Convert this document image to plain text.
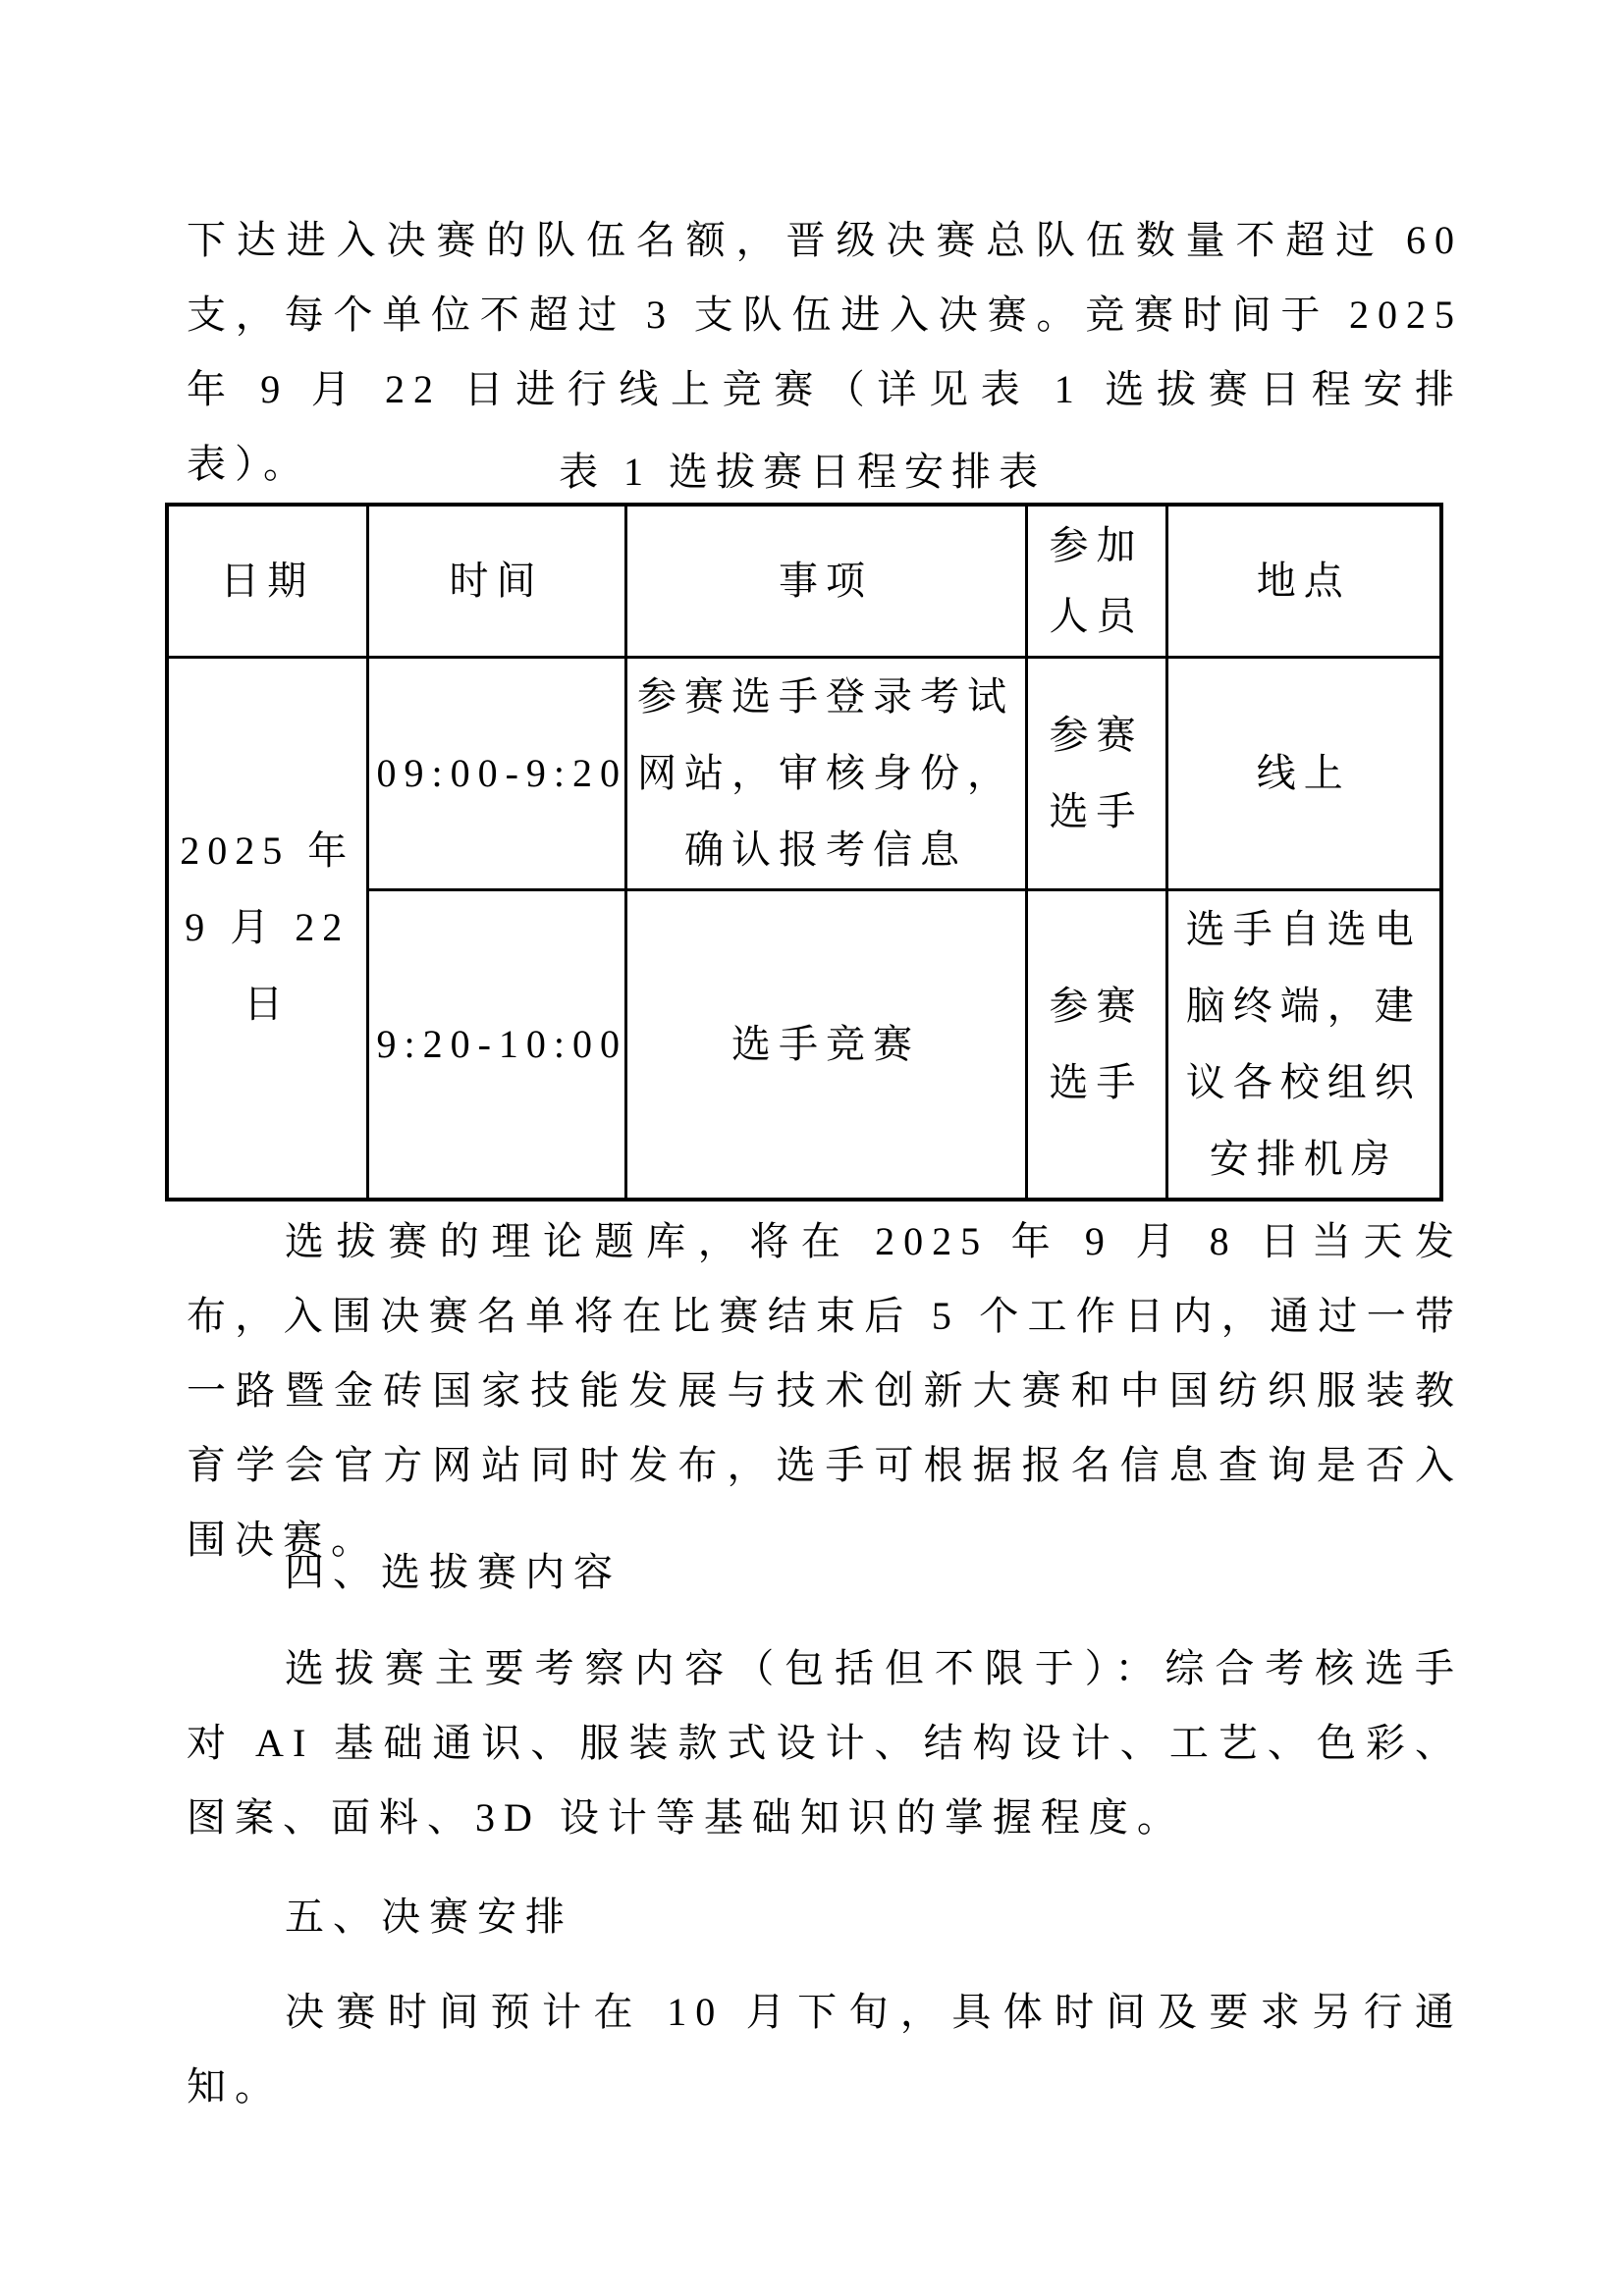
下达进入决赛的队伍名额，晋级决赛总队伍数量不超过 60 支，每个单位不超过 3 支队伍进入决赛。竞赛时间于 2025 年 9 月 22 日进行线上竞赛（详见表 1 选拔赛日程安排表）。	表 1 选拔赛日程安排表

日期	时间	事项	参加人员	地点
2025 年 9 月 22 日	09:00-9:20	参赛选手登录考试网站，审核身份，确认报考信息	参赛选手	线上
	9:20-10:00	选手竞赛	参赛选手	选手自选电脑终端，建议各校组织安排机房

选拔赛的理论题库，将在 2025 年 9 月 8 日当天发布，入围决赛名单将在比赛结束后 5 个工作日内，通过一带一路暨金砖国家技能发展与技术创新大赛和中国纺织服装教育学会官方网站同时发布，选手可根据报名信息查询是否入围决赛。

四、选拔赛内容

选拔赛主要考察内容（包括但不限于）：综合考核选手对 AI 基础通识、服装款式设计、结构设计、工艺、色彩、图案、面料、3D 设计等基础知识的掌握程度。

五、决赛安排

决赛时间预计在 10 月下旬，具体时间及要求另行通知。
